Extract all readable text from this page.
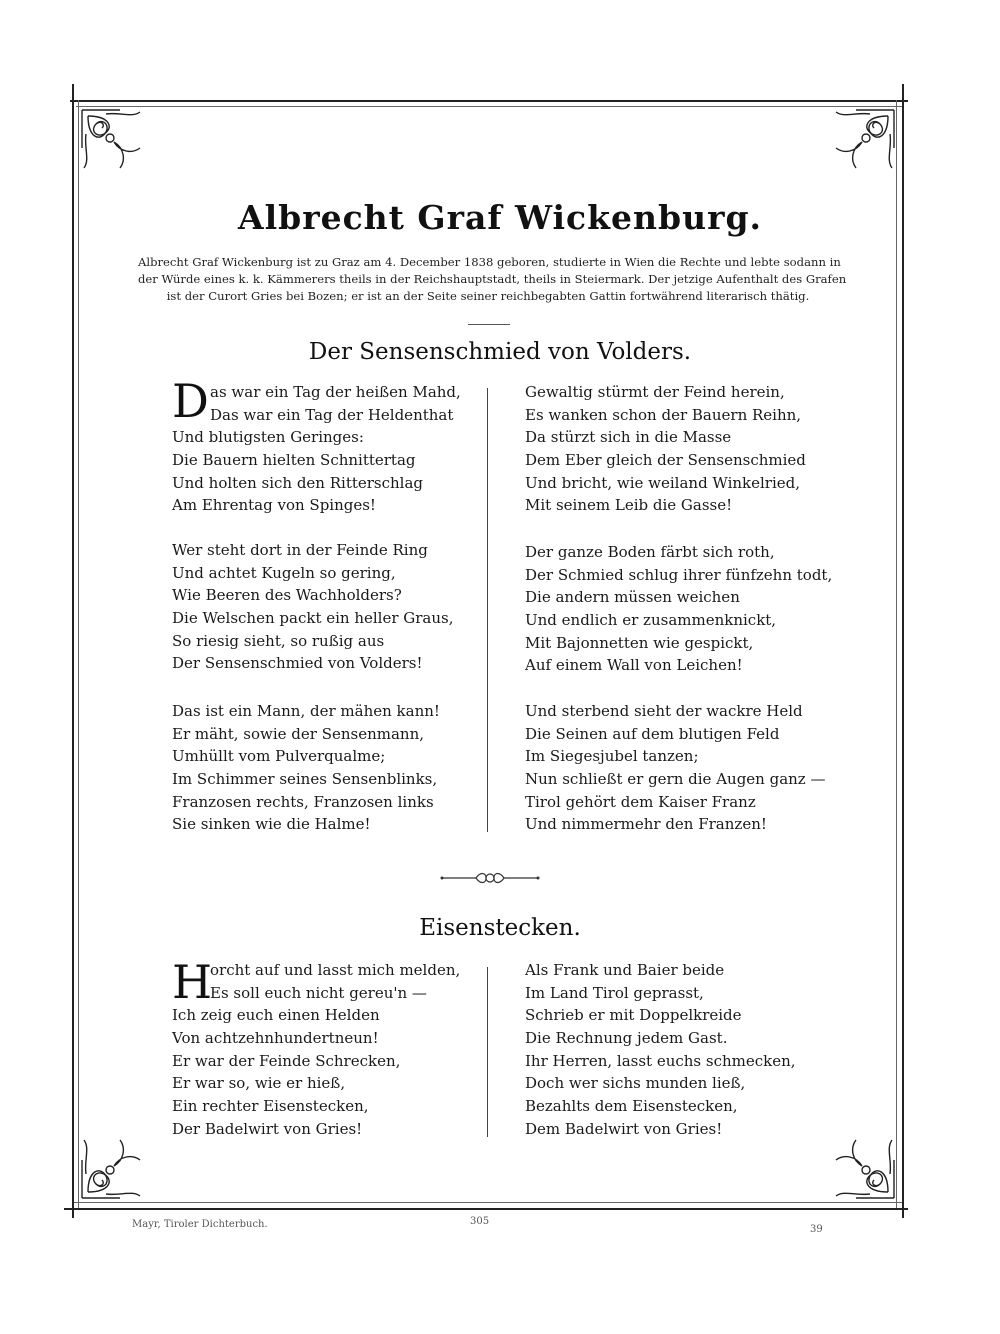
Albrecht Graf Wickenburg.
Albrecht Graf Wickenburg ist zu Graz am 4. December 1838 geboren, studierte in Wien die Rechte und lebte sodann in
der Würde eines k. k. Kämmerers theils in der Reichshauptstadt, theils in Steiermark. Der jetzige Aufenthalt des Grafen
ist der Curort Gries bei Bozen; er ist an der Seite seiner reichbegabten Gattin fortwährend literarisch thätig.
Der Sensenschmied von Volders.
D as war ein Tag der heißen Mahd,
Das war ein Tag der Heldenthat
Und blutigsten Geringes:
Die Bauern hielten Schnittertag
Und holten sich den Ritterschlag
Am Ehrentag von Spinges!
Wer steht dort in der Feinde Ring
Und achtet Kugeln so gering,
Wie Beeren des Wachholders?
Die Welschen packt ein heller Graus,
So riesig sieht, so rußig aus
Der Sensenschmied von Volders!
Das ist ein Mann, der mähen kann!
Er mäht, sowie der Sensenmann,
Umhüllt vom Pulverqualme;
Im Schimmer seines Sensenblinks,
Franzosen rechts, Franzosen links
Sie sinken wie die Halme!
Gewaltig stürmt der Feind herein,
Es wanken schon der Bauern Reihn,
Da stürzt sich in die Masse
Dem Eber gleich der Sensenschmied
Und bricht, wie weiland Winkelried,
Mit seinem Leib die Gasse!
Der ganze Boden färbt sich roth,
Der Schmied schlug ihrer fünfzehn todt,
Die andern müssen weichen
Und endlich er zusammenknickt,
Mit Bajonnetten wie gespickt,
Auf einem Wall von Leichen!
Und sterbend sieht der wackre Held
Die Seinen auf dem blutigen Feld
Im Siegesjubel tanzen;
Nun schließt er gern die Augen ganz —
Tirol gehört dem Kaiser Franz
Und nimmermehr den Franzen!
Eisenstecken.
H
orcht auf und lasst mich melden,
Es soll euch nicht gereu'n —
Ich zeig euch einen Helden
Von achtzehnhundertneun!
Er war der Feinde Schrecken,
Er war so, wie er hieß,
Ein rechter Eisenstecken,
Der Badelwirt von Gries!
Als Frank und Baier beide
Im Land Tirol geprasst,
Schrieb er mit Doppelkreide
Die Rechnung jedem Gast.
Ihr Herren, lasst euchs schmecken,
Doch wer sichs munden ließ,
Bezahlts dem Eisenstecken,
Dem Badelwirt von Gries!
Mayr, Tiroler Dichterbuch.	305
39
